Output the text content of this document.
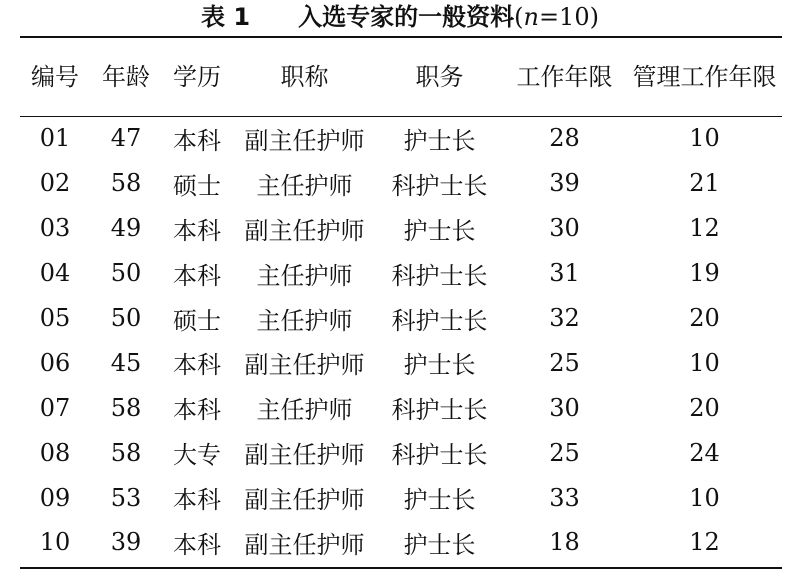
表 1 入选专家的一般资料(n=10)
编号	年龄	学历	职称	职务	工作年限	管理工作年限
01	47	本科	副主任护师	护士长	28	10
02	58	硕士	主任护师	科护士长	39	21
03	49	本科	副主任护师	护士长	30	12
04	50	本科	主任护师	科护士长	31	19
05	50	硕士	主任护师	科护士长	32	20
06	45	本科	副主任护师	护士长	25	10
07	58	本科	主任护师	科护士长	30	20
08	58	大专	副主任护师	科护士长	25	24
09	53	本科	副主任护师	护士长	33	10
10	39	本科	副主任护师	护士长	18	12
